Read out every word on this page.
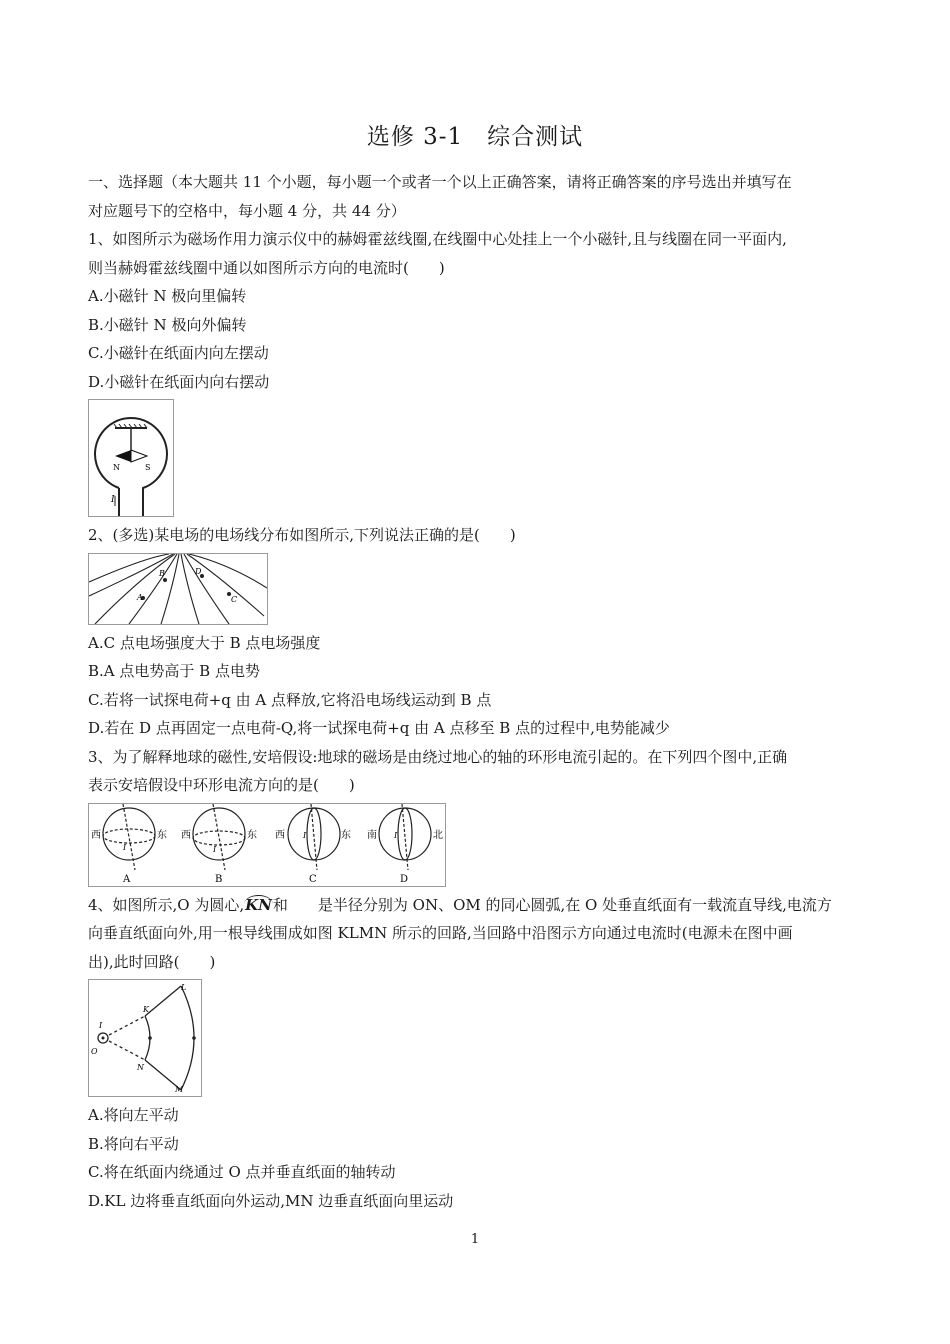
选修 3-1　综合测试
一、选择题（本大题共 11 个小题，每小题一个或者一个以上正确答案，请将正确答案的序号选出并填写在
对应题号下的空格中，每小题 4 分，共 44 分）
1、如图所示为磁场作用力演示仪中的赫姆霍兹线圈,在线圈中心处挂上一个小磁针,且与线圈在同一平面内,
则当赫姆霍兹线圈中通以如图所示方向的电流时(　　)
A.小磁针 N 极向里偏转
B.小磁针 N 极向外偏转
C.小磁针在纸面内向左摆动
D.小磁针在纸面内向右摆动
N	S
I
2、(多选)某电场的电场线分布如图所示,下列说法正确的是(　　)
A
B
C
D
A.C 点电场强度大于 B 点电场强度
B.A 点电势高于 B 点电势
C.若将一试探电荷+q 由 A 点释放,它将沿电场线运动到 B 点
D.若在 D 点再固定一点电荷-Q,将一试探电荷+q 由 A 点移至 B 点的过程中,电势能减少
3、为了解释地球的磁性,安培假设:地球的磁场是由绕过地心的轴的环形电流引起的。在下列四个图中,正确
表示安培假设中环形电流方向的是(　　)
西	东 西	东 西	东 南	北
I	I
I	I
A	B	C	D
4、如图所示,O 为圆心,KN和　　是半径分别为 ON、OM 的同心圆弧,在 O 处垂直纸面有一载流直导线,电流方
向垂直纸面向外,用一根导线围成如图 KLMN 所示的回路,当回路中沿图示方向通过电流时(电源未在图中画
出),此时回路(　　)
K
L
M
N
O
I
A.将向左平动
B.将向右平动
C.将在纸面内绕通过 O 点并垂直纸面的轴转动
D.KL 边将垂直纸面向外运动,MN 边垂直纸面向里运动
1
